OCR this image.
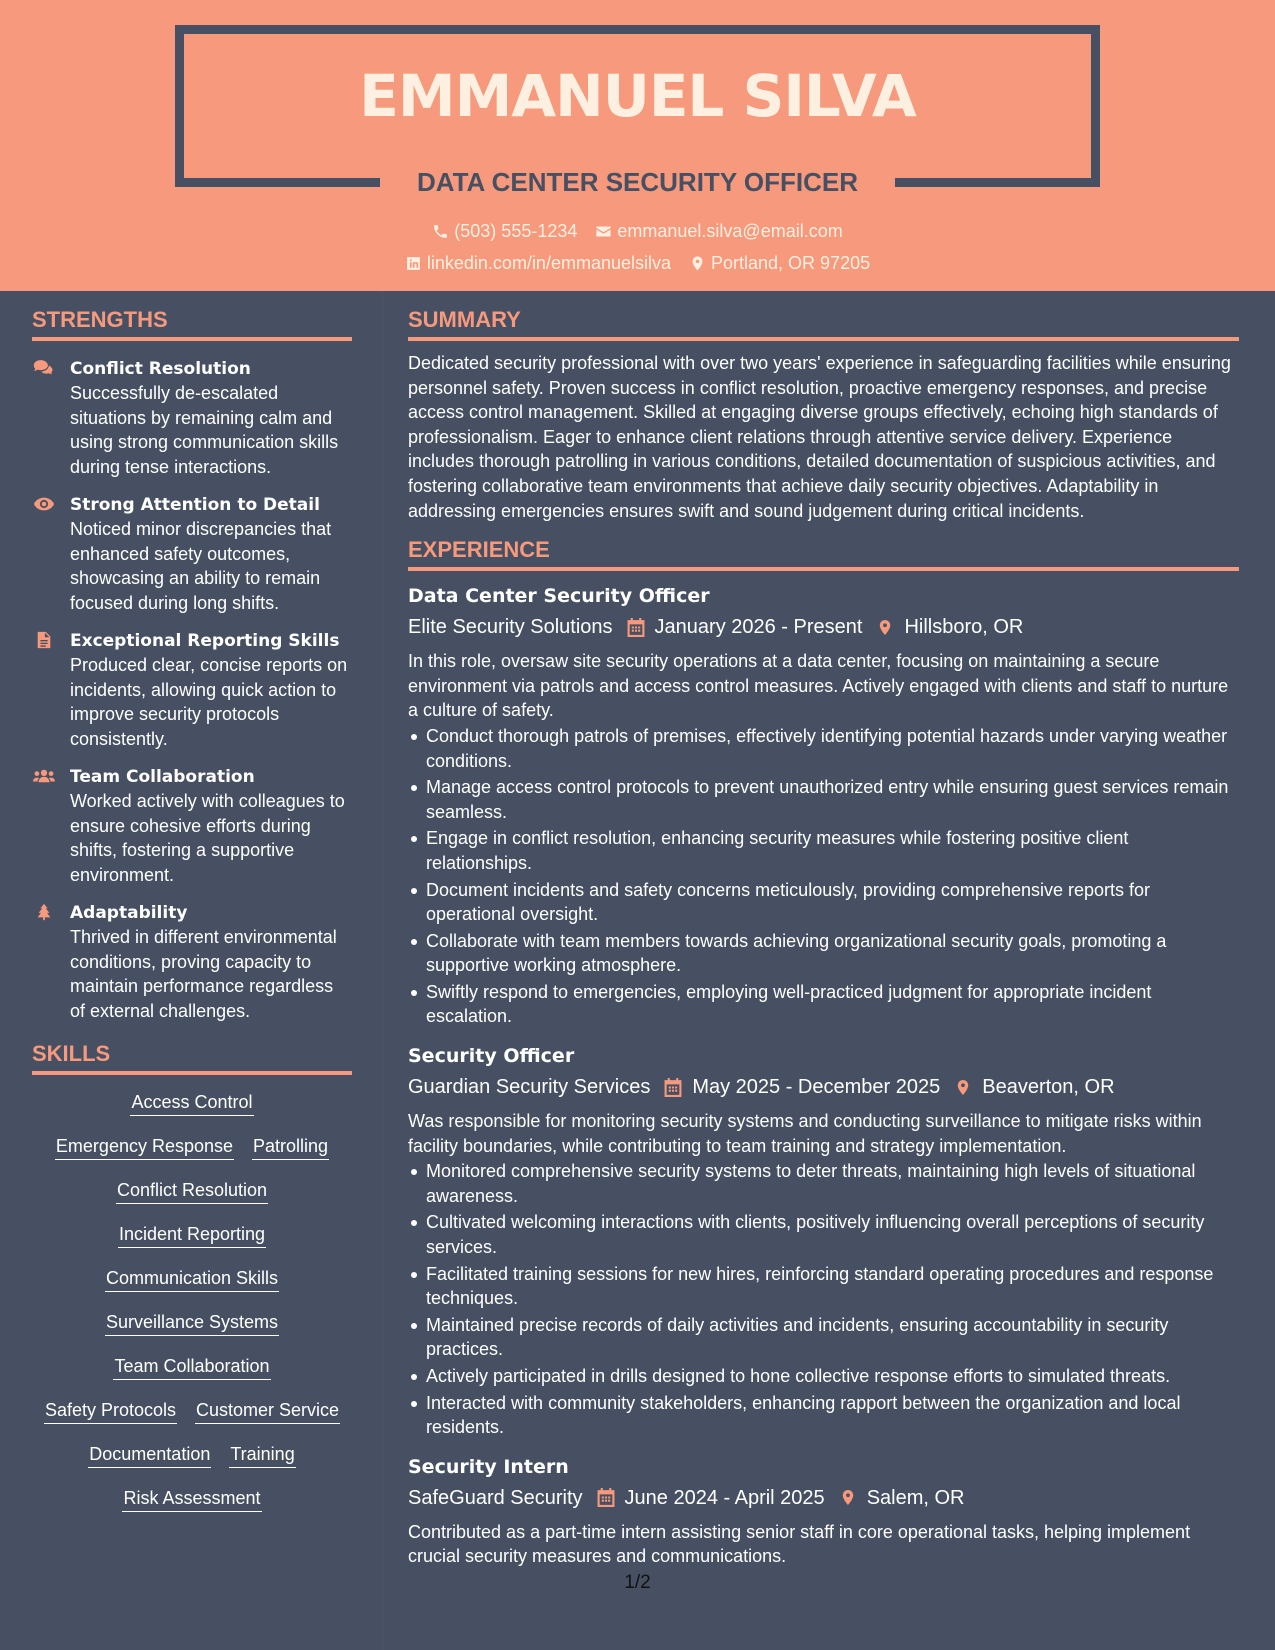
EMMANUEL SILVA
DATA CENTER SECURITY OFFICER
(503) 555-1234 emmanuel.silva@email.com
linkedin.com/in/emmanuelsilva Portland, OR 97205
STRENGTHS
Conflict Resolution
Successfully de-escalated situations by remaining calm and using strong communication skills during tense interactions.
Strong Attention to Detail
Noticed minor discrepancies that enhanced safety outcomes, showcasing an ability to remain focused during long shifts.
Exceptional Reporting Skills
Produced clear, concise reports on incidents, allowing quick action to improve security protocols consistently.
Team Collaboration
Worked actively with colleagues to ensure cohesive efforts during shifts, fostering a supportive environment.
Adaptability
Thrived in different environmental conditions, proving capacity to maintain performance regardless of external challenges.
SKILLS
Access Control
Emergency Response Patrolling
Conflict Resolution
Incident Reporting
Communication Skills
Surveillance Systems
Team Collaboration
Safety Protocols Customer Service
Documentation Training
Risk Assessment
SUMMARY
Dedicated security professional with over two years' experience in safeguarding facilities while ensuring personnel safety. Proven success in conflict resolution, proactive emergency responses, and precise access control management. Skilled at engaging diverse groups effectively, echoing high standards of professionalism. Eager to enhance client relations through attentive service delivery. Experience includes thorough patrolling in various conditions, detailed documentation of suspicious activities, and fostering collaborative team environments that achieve daily security objectives. Adaptability in addressing emergencies ensures swift and sound judgement during critical incidents.
EXPERIENCE
Data Center Security Officer
Elite Security Solutions January 2026 - Present Hillsboro, OR
In this role, oversaw site security operations at a data center, focusing on maintaining a secure environment via patrols and access control measures. Actively engaged with clients and staff to nurture a culture of safety.
Conduct thorough patrols of premises, effectively identifying potential hazards under varying weather conditions.
Manage access control protocols to prevent unauthorized entry while ensuring guest services remain seamless.
Engage in conflict resolution, enhancing security measures while fostering positive client relationships.
Document incidents and safety concerns meticulously, providing comprehensive reports for operational oversight.
Collaborate with team members towards achieving organizational security goals, promoting a supportive working atmosphere.
Swiftly respond to emergencies, employing well-practiced judgment for appropriate incident escalation.
Security Officer
Guardian Security Services May 2025 - December 2025 Beaverton, OR
Was responsible for monitoring security systems and conducting surveillance to mitigate risks within facility boundaries, while contributing to team training and strategy implementation.
Monitored comprehensive security systems to deter threats, maintaining high levels of situational awareness.
Cultivated welcoming interactions with clients, positively influencing overall perceptions of security services.
Facilitated training sessions for new hires, reinforcing standard operating procedures and response techniques.
Maintained precise records of daily activities and incidents, ensuring accountability in security practices.
Actively participated in drills designed to hone collective response efforts to simulated threats.
Interacted with community stakeholders, enhancing rapport between the organization and local residents.
Security Intern
SafeGuard Security June 2024 - April 2025 Salem, OR
Contributed as a part-time intern assisting senior staff in core operational tasks, helping implement crucial security measures and communications.
1/2
